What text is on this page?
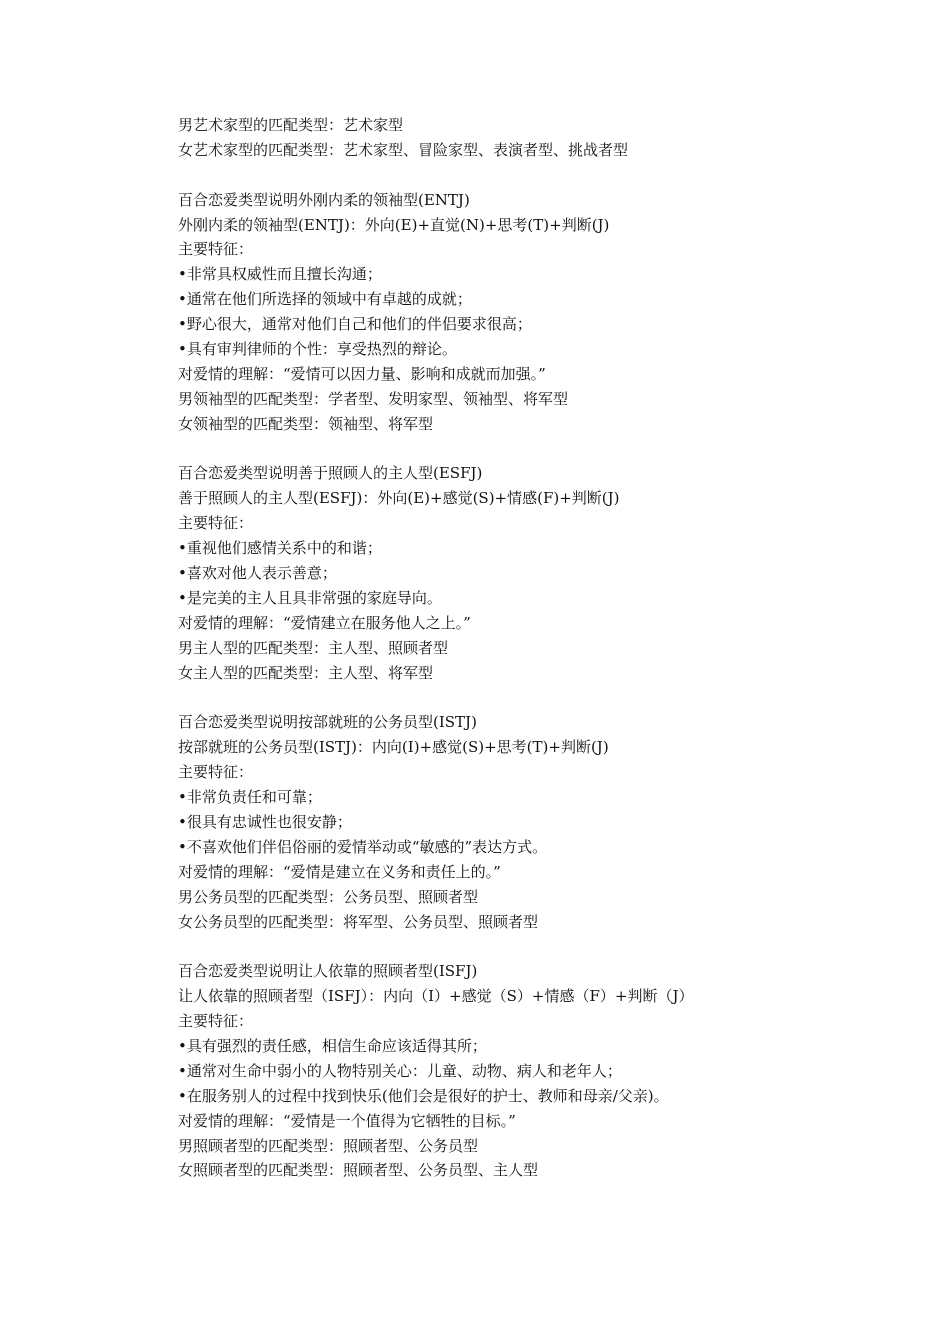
男艺术家型的匹配类型：艺术家型
女艺术家型的匹配类型：艺术家型、冒险家型、表演者型、挑战者型
百合恋爱类型说明外刚内柔的领袖型(ENTJ)
外刚内柔的领袖型(ENTJ)：外向(E)+直觉(N)+思考(T)+判断(J)
主要特征：
•非常具权威性而且擅长沟通；
•通常在他们所选择的领域中有卓越的成就；
•野心很大，通常对他们自己和他们的伴侣要求很高；
•具有审判律师的个性：享受热烈的辩论。
对爱情的理解：“爱情可以因力量、影响和成就而加强。”
男领袖型的匹配类型：学者型、发明家型、领袖型、将军型
女领袖型的匹配类型：领袖型、将军型
百合恋爱类型说明善于照顾人的主人型(ESFJ)
善于照顾人的主人型(ESFJ)：外向(E)+感觉(S)+情感(F)+判断(J)
主要特征：
•重视他们感情关系中的和谐；
•喜欢对他人表示善意；
•是完美的主人且具非常强的家庭导向。
对爱情的理解：“爱情建立在服务他人之上。”
男主人型的匹配类型：主人型、照顾者型
女主人型的匹配类型：主人型、将军型
百合恋爱类型说明按部就班的公务员型(ISTJ)
按部就班的公务员型(ISTJ)：内向(I)+感觉(S)+思考(T)+判断(J)
主要特征：
•非常负责任和可靠；
•很具有忠诚性也很安静；
•不喜欢他们伴侣俗丽的爱情举动或“敏感的”表达方式。
对爱情的理解：“爱情是建立在义务和责任上的。”
男公务员型的匹配类型：公务员型、照顾者型
女公务员型的匹配类型：将军型、公务员型、照顾者型
百合恋爱类型说明让人依靠的照顾者型(ISFJ)
让人依靠的照顾者型（ISFJ）：内向（I）+感觉（S）+情感（F）+判断（J）
主要特征：
•具有强烈的责任感，相信生命应该适得其所；
•通常对生命中弱小的人物特别关心：儿童、动物、病人和老年人；
•在服务别人的过程中找到快乐(他们会是很好的护士、教师和母亲/父亲)。
对爱情的理解：“爱情是一个值得为它牺牲的目标。”
男照顾者型的匹配类型：照顾者型、公务员型
女照顾者型的匹配类型：照顾者型、公务员型、主人型
